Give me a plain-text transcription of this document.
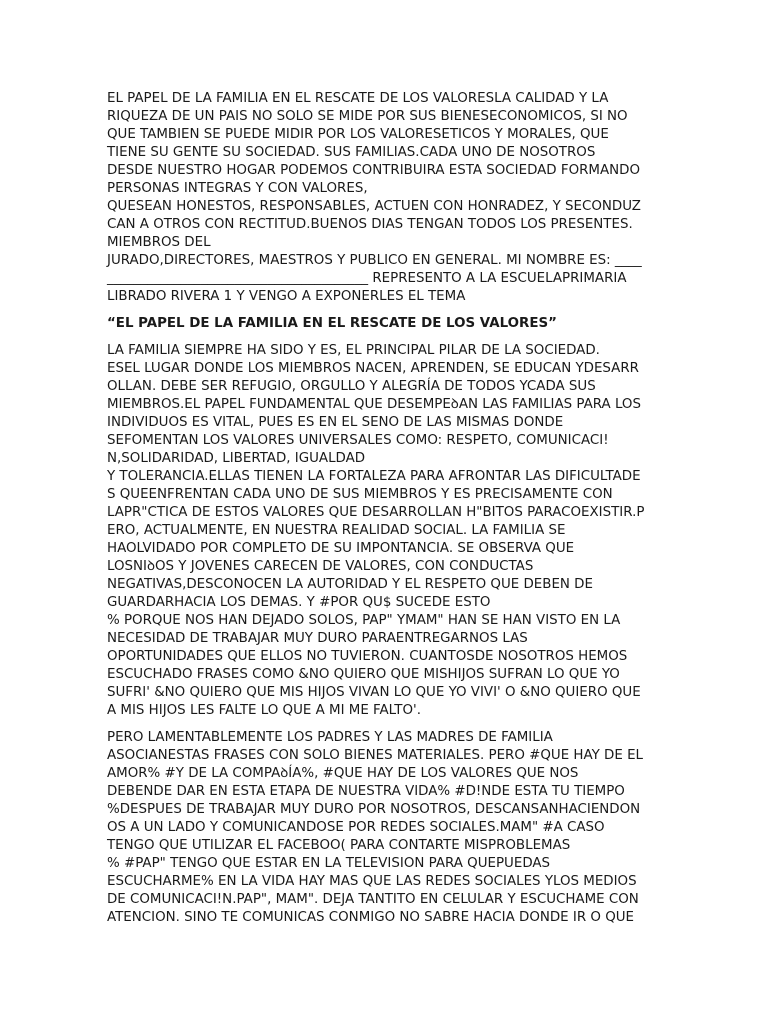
EL PAPEL DE LA FAMILIA EN EL RESCATE DE LOS VALORESLA CALIDAD Y LA
RIQUEZA DE UN PAIS NO SOLO SE MIDE POR SUS BIENESECONOMICOS, SI NO
QUE TAMBIEN SE PUEDE MIDIR POR LOS VALORESETICOS Y MORALES, QUE
TIENE SU GENTE SU SOCIEDAD. SUS FAMILIAS.CADA UNO DE NOSOTROS
DESDE NUESTRO HOGAR PODEMOS CONTRIBUIRA ESTA SOCIEDAD FORMANDO
PERSONAS INTEGRAS Y CON VALORES,
QUESEAN HONESTOS, RESPONSABLES, ACTUEN CON HONRADEZ, Y SECONDUZ
CAN A OTROS CON RECTITUD.BUENOS DIAS TENGAN TODOS LOS PRESENTES.
MIEMBROS DEL
JURADO,DIRECTORES, MAESTROS Y PUBLICO EN GENERAL. MI NOMBRE ES: ____
_______________________________________ REPRESENTO A LA ESCUELAPRIMARIA
LIBRADO RIVERA 1 Y VENGO A EXPONERLES EL TEMA
“EL PAPEL DE LA FAMILIA EN EL RESCATE DE LOS VALORES”
LA FAMILIA SIEMPRE HA SIDO Y ES, EL PRINCIPAL PILAR DE LA SOCIEDAD.
ESEL LUGAR DONDE LOS MIEMBROS NACEN, APRENDEN, SE EDUCAN YDESARR
OLLAN. DEBE SER REFUGIO, ORGULLO Y ALEGRÍA DE TODOS YCADA SUS
MIEMBROS.EL PAPEL FUNDAMENTAL QUE DESEMPEꝺAN LAS FAMILIAS PARA LOS
INDIVIDUOS ES VITAL, PUES ES EN EL SENO DE LAS MISMAS DONDE
SEFOMENTAN LOS VALORES UNIVERSALES COMO: RESPETO, COMUNICACI!
N,SOLIDARIDAD, LIBERTAD, IGUALDAD
Y TOLERANCIA.ELLAS TIENEN LA FORTALEZA PARA AFRONTAR LAS DIFICULTADE
S QUEENFRENTAN CADA UNO DE SUS MIEMBROS Y ES PRECISAMENTE CON
LAPR"CTICA DE ESTOS VALORES QUE DESARROLLAN H"BITOS PARACOEXISTIR.P
ERO, ACTUALMENTE, EN NUESTRA REALIDAD SOCIAL. LA FAMILIA SE
HAOLVIDADO POR COMPLETO DE SU IMPONTANCIA. SE OBSERVA QUE
LOSNIꝺOS Y JOVENES CARECEN DE VALORES, CON CONDUCTAS
NEGATIVAS,DESCONOCEN LA AUTORIDAD Y EL RESPETO QUE DEBEN DE
GUARDARHACIA LOS DEMAS. Y #POR QU$ SUCEDE ESTO
% PORQUE NOS HAN DEJADO SOLOS, PAP" YMAM" HAN SE HAN VISTO EN LA
NECESIDAD DE TRABAJAR MUY DURO PARAENTREGARNOS LAS
OPORTUNIDADES QUE ELLOS NO TUVIERON. CUANTOSDE NOSOTROS HEMOS
ESCUCHADO FRASES COMO &NO QUIERO QUE MISHIJOS SUFRAN LO QUE YO
SUFRI' &NO QUIERO QUE MIS HIJOS VIVAN LO QUE YO VIVI' O &NO QUIERO QUE
A MIS HIJOS LES FALTE LO QUE A MI ME FALTO'.
PERO LAMENTABLEMENTE LOS PADRES Y LAS MADRES DE FAMILIA
ASOCIANESTAS FRASES CON SOLO BIENES MATERIALES. PERO #QUE HAY DE EL
AMOR% #Y DE LA COMPAꝺÍA%, #QUE HAY DE LOS VALORES QUE NOS
DEBENDE DAR EN ESTA ETAPA DE NUESTRA VIDA% #D!NDE ESTA TU TIEMPO
%DESPUES DE TRABAJAR MUY DURO POR NOSOTROS, DESCANSANHACIENDON
OS A UN LADO Y COMUNICANDOSE POR REDES SOCIALES.MAM" #A CASO
TENGO QUE UTILIZAR EL FACEBOO( PARA CONTARTE MISPROBLEMAS
% #PAP" TENGO QUE ESTAR EN LA TELEVISION PARA QUEPUEDAS
ESCUCHARME% EN LA VIDA HAY MAS QUE LAS REDES SOCIALES YLOS MEDIOS
DE COMUNICACI!N.PAP", MAM". DEJA TANTITO EN CELULAR Y ESCUCHAME CON
ATENCION. SINO TE COMUNICAS CONMIGO NO SABRE HACIA DONDE IR O QUE
